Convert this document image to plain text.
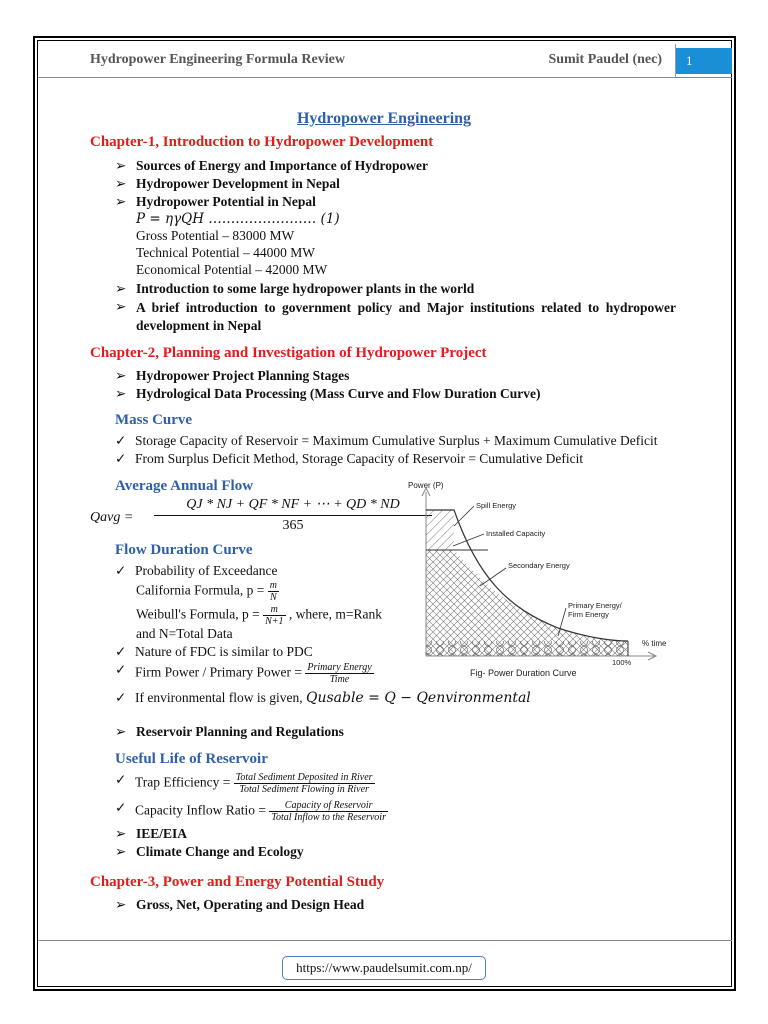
Hydropower Engineering Formula Review	Sumit Paudel (nec)	1
Hydropower Engineering
Chapter-1, Introduction to Hydropower Development
➢ Sources of Energy and Importance of Hydropower
➢ Hydropower Development in Nepal
➢ Hydropower Potential in Nepal
P = ηγQH …………………… (1)
Gross Potential – 83000 MW
Technical Potential – 44000 MW
Economical Potential – 42000 MW
➢ Introduction to some large hydropower plants in the world
➢ A brief introduction to government policy and Major institutions related to hydropower development in Nepal
Chapter-2, Planning and Investigation of Hydropower Project
➢ Hydropower Project Planning Stages
➢ Hydrological Data Processing (Mass Curve and Flow Duration Curve)
Mass Curve
✓ Storage Capacity of Reservoir = Maximum Cumulative Surplus + Maximum Cumulative Deficit
✓ From Surplus Deficit Method, Storage Capacity of Reservoir = Cumulative Deficit
Average Annual Flow
Qavg =
QJ * NJ + QF * NF + ⋯ + QD * ND
365
Flow Duration Curve
✓ Probability of Exceedance
California Formula, $p = \frac{m}{N}$
Weibull's Formula, $p = \frac{m}{N+1}$ , where, m=Rank
and N=Total Data
✓ Nature of FDC is similar to PDC
✓ Firm Power / Primary Power = $\frac{\text{Primary Energy}}{\text{Time}}$
✓ If environmental flow is given, Qusable = Q − Qenvironmental
➢ Reservoir Planning and Regulations
Useful Life of Reservoir
✓ Trap Efficiency = $\frac{\text{Total Sediment Deposited in River}}{\text{Total Sediment Flowing in River}}$
✓ Capacity Inflow Ratio = $\frac{\text{Capacity of Reservoir}}{\text{Total Inflow to the Reservoir}}$
➢ IEE/EIA
➢ Climate Change and Ecology
Chapter-3, Power and Energy Potential Study
➢ Gross, Net, Operating and Design Head
Power (P)
Spill Energy
Installed Capacity
Secondary Energy
Primary Energy/
Firm Energy
% time
100%
Fig- Power Duration Curve
https://www.paudelsumit.com.np/
